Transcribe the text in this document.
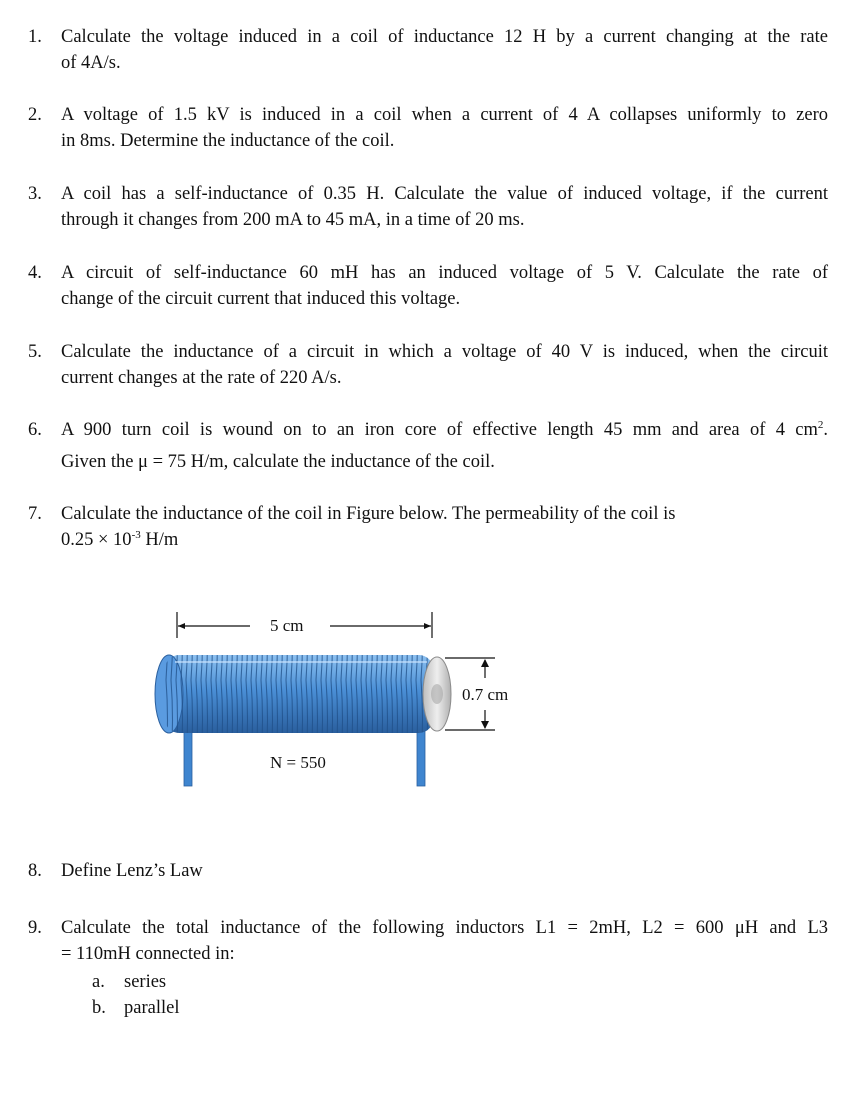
1. Calculate the voltage induced in a coil of inductance 12 H by a current changing at the rate
of 4A/s.
2. A voltage of 1.5 kV is induced in a coil when a current of 4 A collapses uniformly to zero
in 8ms. Determine the inductance of the coil.
3. A coil has a self-inductance of 0.35 H. Calculate the value of induced voltage, if the current
through it changes from 200 mA to 45 mA, in a time of 20 ms.
4. A circuit of self-inductance 60 mH has an induced voltage of 5 V. Calculate the rate of
change of the circuit current that induced this voltage.
5. Calculate the inductance of a circuit in which a voltage of 40 V is induced, when the circuit
current changes at the rate of 220 A/s.
6. A 900 turn coil is wound on to an iron core of effective length 45 mm and area of 4 $cm^2$.
Given the μ = 75 H/m, calculate the inductance of the coil.
7. Calculate the inductance of the coil in Figure below. The permeability of the coil is
$0.25 \times 10^{-3}$ H/m
5 cm
0.7 cm
N = 550
8. Define Lenz’s Law
9. Calculate the total inductance of the following inductors L1 = 2mH, L2 = 600 μH and L3
= 110mH connected in:
a. series
b. parallel
